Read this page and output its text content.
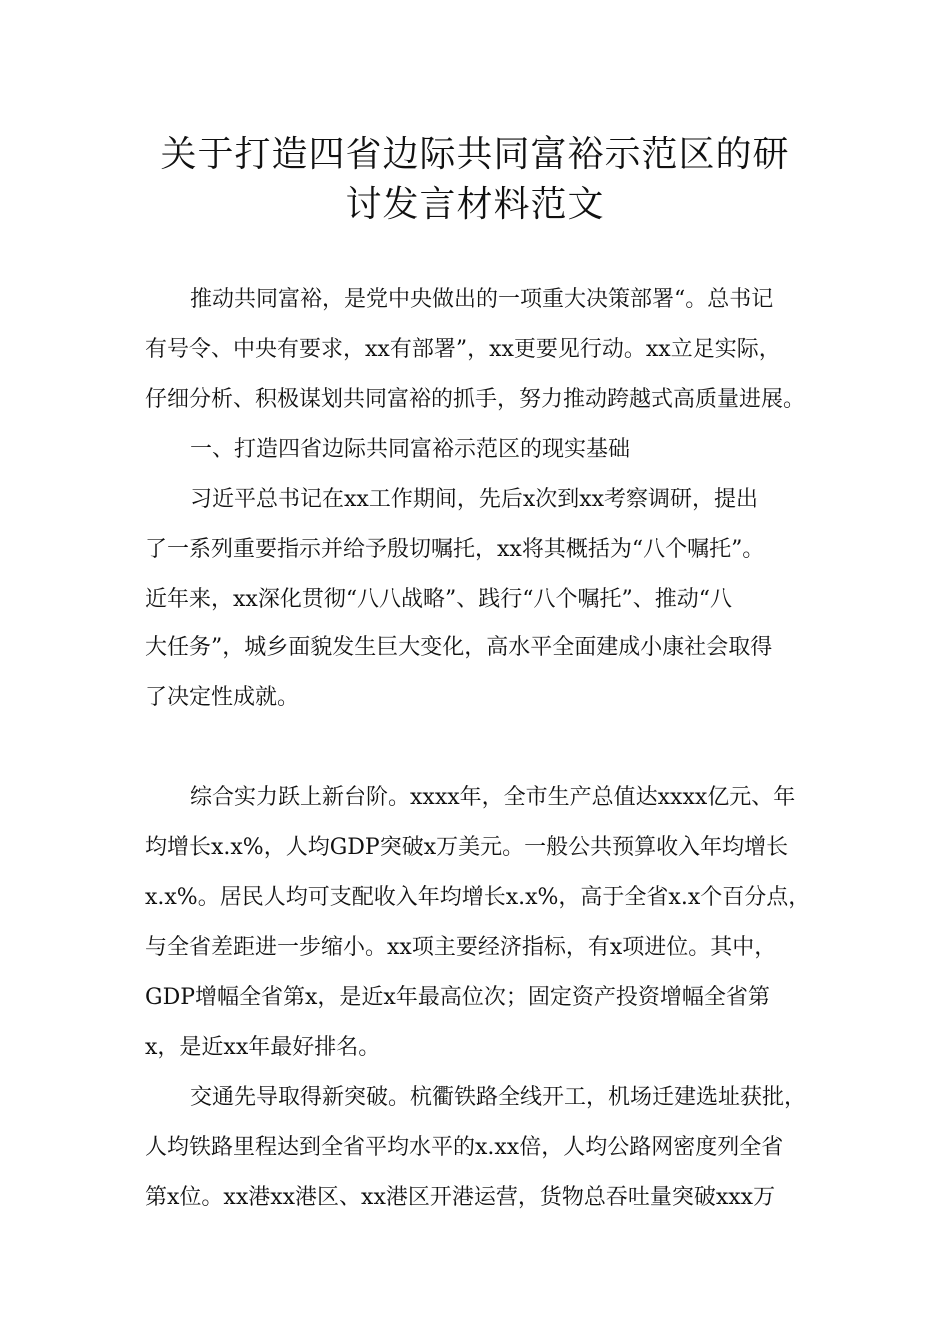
关于打造四省边际共同富裕示范区的研
讨发言材料范文
推动共同富裕，是党中央做出的一项重大决策部署“。总书记
有号令、中央有要求，xx有部署”，xx更要见行动。xx立足实际，
仔细分析、积极谋划共同富裕的抓手，努力推动跨越式高质量进展。
一、打造四省边际共同富裕示范区的现实基础
习近平总书记在xx工作期间，先后x次到xx考察调研，提出
了一系列重要指示并给予殷切嘱托，xx将其概括为“八个嘱托”。
近年来，xx深化贯彻“八八战略”、践行“八个嘱托”、推动“八
大任务”，城乡面貌发生巨大变化，高水平全面建成小康社会取得
了决定性成就。
综合实力跃上新台阶。xxxx年，全市生产总值达xxxx亿元、年
均增长x.x%，人均GDP突破x万美元。一般公共预算收入年均增长
x.x%。居民人均可支配收入年均增长x.x%，高于全省x.x个百分点，
与全省差距进一步缩小。xx项主要经济指标，有x项进位。其中，
GDP增幅全省第x，是近x年最高位次；固定资产投资增幅全省第
x，是近xx年最好排名。
交通先导取得新突破。杭衢铁路全线开工，机场迁建选址获批，
人均铁路里程达到全省平均水平的x.xx倍，人均公路网密度列全省
第x位。xx港xx港区、xx港区开港运营，货物总吞吐量突破xxx万
